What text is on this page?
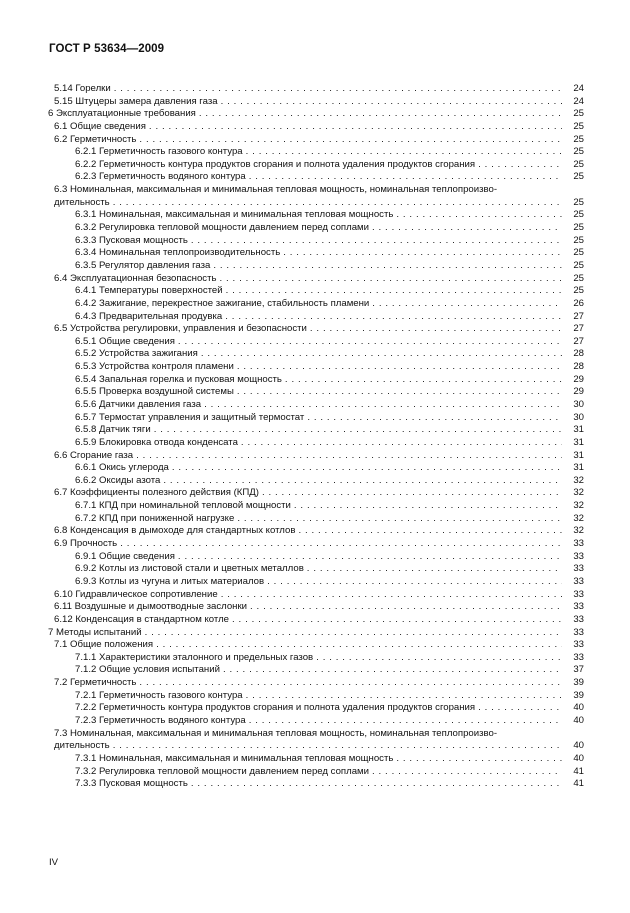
ГОСТ Р 53634—2009
5.14 Горелки . . .	24
5.15 Штуцеры замера давления газа . . .	24
6 Эксплуатационные требования . . .	25
6.1 Общие сведения . . .	25
6.2 Герметичность . . .	25
6.2.1 Герметичность газового контура . . .	25
6.2.2 Герметичность контура продуктов сгорания и полнота удаления продуктов сгорания . . .	25
6.2.3 Герметичность водяного контура . . .	25
6.3 Номинальная, максимальная и минимальная тепловая мощность, номинальная теплопроизво-
дительность . . .	25
6.3.1 Номинальная, максимальная и минимальная тепловая мощность . . .	25
6.3.2 Регулировка тепловой мощности давлением перед соплами . . .	25
6.3.3 Пусковая мощность . . .	25
6.3.4 Номинальная теплопроизводительность . . .	25
6.3.5 Регулятор давления газа . . .	25
6.4 Эксплуатационная безопасность . . .	25
6.4.1 Температуры поверхностей . . .	25
6.4.2 Зажигание, перекрестное зажигание, стабильность пламени . . .	26
6.4.3 Предварительная продувка . . .	27
6.5 Устройства регулировки, управления и безопасности . . .	27
6.5.1 Общие сведения . . .	27
6.5.2 Устройства зажигания . . .	28
6.5.3 Устройства контроля пламени . . .	28
6.5.4 Запальная горелка и пусковая мощность . . .	29
6.5.5 Проверка воздушной системы . . .	29
6.5.6 Датчики давления газа . . .	30
6.5.7 Термостат управления и защитный термостат . . .	30
6.5.8 Датчик тяги . . .	31
6.5.9 Блокировка отвода конденсата . . .	31
6.6 Сгорание газа . . .	31
6.6.1 Окись углерода . . .	31
6.6.2 Оксиды азота . . .	32
6.7 Коэффициенты полезного действия (КПД) . . .	32
6.7.1 КПД при номинальной тепловой мощности . . .	32
6.7.2 КПД при пониженной нагрузке . . .	32
6.8 Конденсация в дымоходе для стандартных котлов . . .	32
6.9 Прочность . . .	33
6.9.1 Общие сведения . . .	33
6.9.2 Котлы из листовой стали и цветных металлов . . .	33
6.9.3 Котлы из чугуна и литых материалов . . .	33
6.10 Гидравлическое сопротивление . . .	33
6.11 Воздушные и дымоотводные заслонки . . .	33
6.12 Конденсация в стандартном котле . . .	33
7 Методы испытаний . . .	33
7.1 Общие положения . . .	33
7.1.1 Характеристики эталонного и предельных газов . . .	33
7.1.2 Общие условия испытаний . . .	37
7.2 Герметичность . . .	39
7.2.1 Герметичность газового контура . . .	39
7.2.2 Герметичность контура продуктов сгорания и полнота удаления продуктов сгорания . . .	40
7.2.3 Герметичность водяного контура . . .	40
7.3 Номинальная, максимальная и минимальная тепловая мощность, номинальная теплопроизво-
дительность . . .	40
7.3.1 Номинальная, максимальная и минимальная тепловая мощность . . .	40
7.3.2 Регулировка тепловой мощности давлением перед соплами . . .	41
7.3.3 Пусковая мощность . . .	41
IV
